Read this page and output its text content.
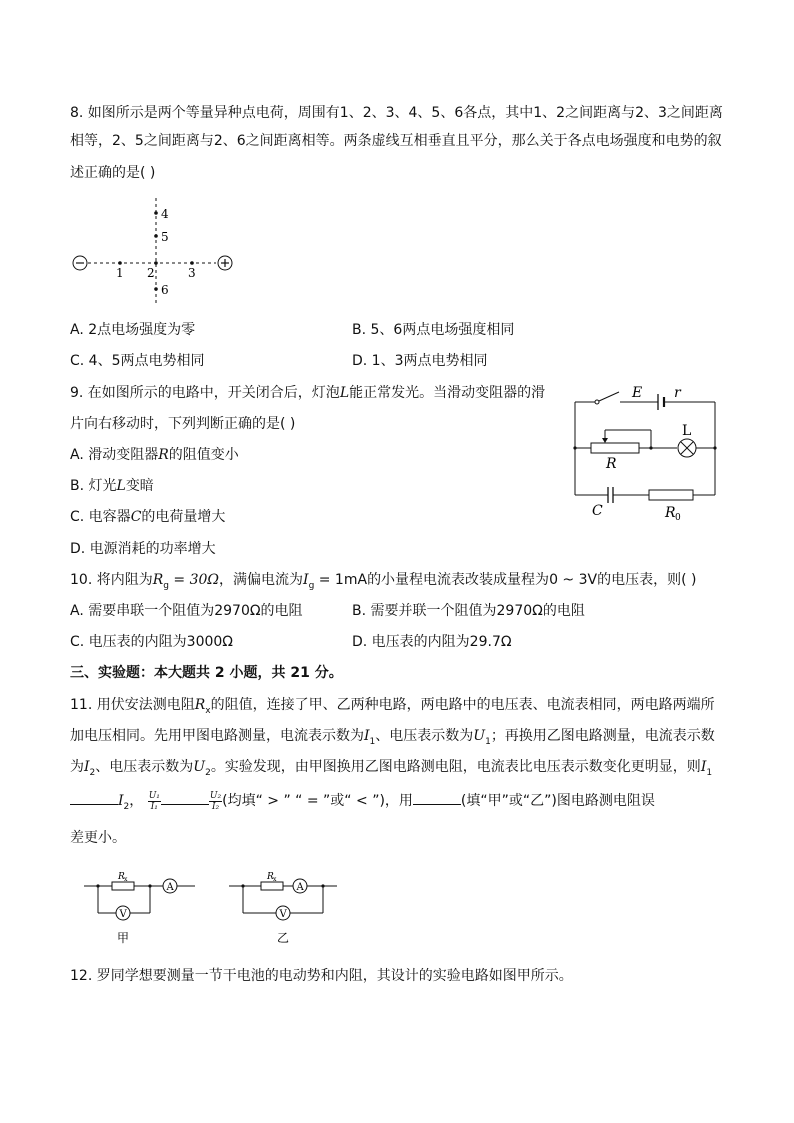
8. 如图所示是两个等量异种点电荷，周围有1、2、3、4、5、6各点，其中1、2之间距离与2、3之间距离
相等，2、5之间距离与2、6之间距离相等。两条虚线互相垂直且平分，那么关于各点电场强度和电势的叙
述正确的是( )
1 2	3
4
5
6
A. 2点电场强度为零	B. 5、6两点电场强度相同
C. 4、5两点电势相同	D. 1、3两点电势相同
9. 在如图所示的电路中，开关闭合后，灯泡L能正常发光。当滑动变阻器的滑
片向右移动时，下列判断正确的是( )
A. 滑动变阻器R的阻值变小
B. 灯光L变暗
C. 电容器C的电荷量增大
D. 电源消耗的功率增大
E r
R
L
C	R 0
10. 将内阻为$R_g = 30\Omega$，满偏电流为$I_g = 1mA$的小量程电流表改装成量程为0 ~ 3V的电压表，则( )
A. 需要串联一个阻值为2970Ω的电阻	B. 需要并联一个阻值为2970Ω的电阻
C. 电压表的内阻为3000Ω	D. 电压表的内阻为29.7Ω
三、实验题：本大题共 2 小题，共 21 分。
11. 用伏安法测电阻$R_x$的阻值，连接了甲、乙两种电路，两电路中的电压表、电流表相同，两电路两端所
加电压相同。先用甲图电路测量，电流表示数为$I_1$、电压表示数为$U_1$；再换用乙图电路测量，电流表示数
为$I_2$、电压表示数为$U_2$。实验发现，由甲图换用乙图电路测电阻，电流表比电压表示数变化更明显，则$I_1$
$I_2$， $\frac{\text{U₁}}{\text{I₁}}$	$\frac{\text{U₂}}{\text{I₂}}$ (均填“ > ” “ = ”或“ < ”)，用	(填“甲”或“乙”)图电路测电阻误
差更小。
A
V
R x
甲
A
V
R x
乙
12. 罗同学想要测量一节干电池的电动势和内阻，其设计的实验电路如图甲所示。
